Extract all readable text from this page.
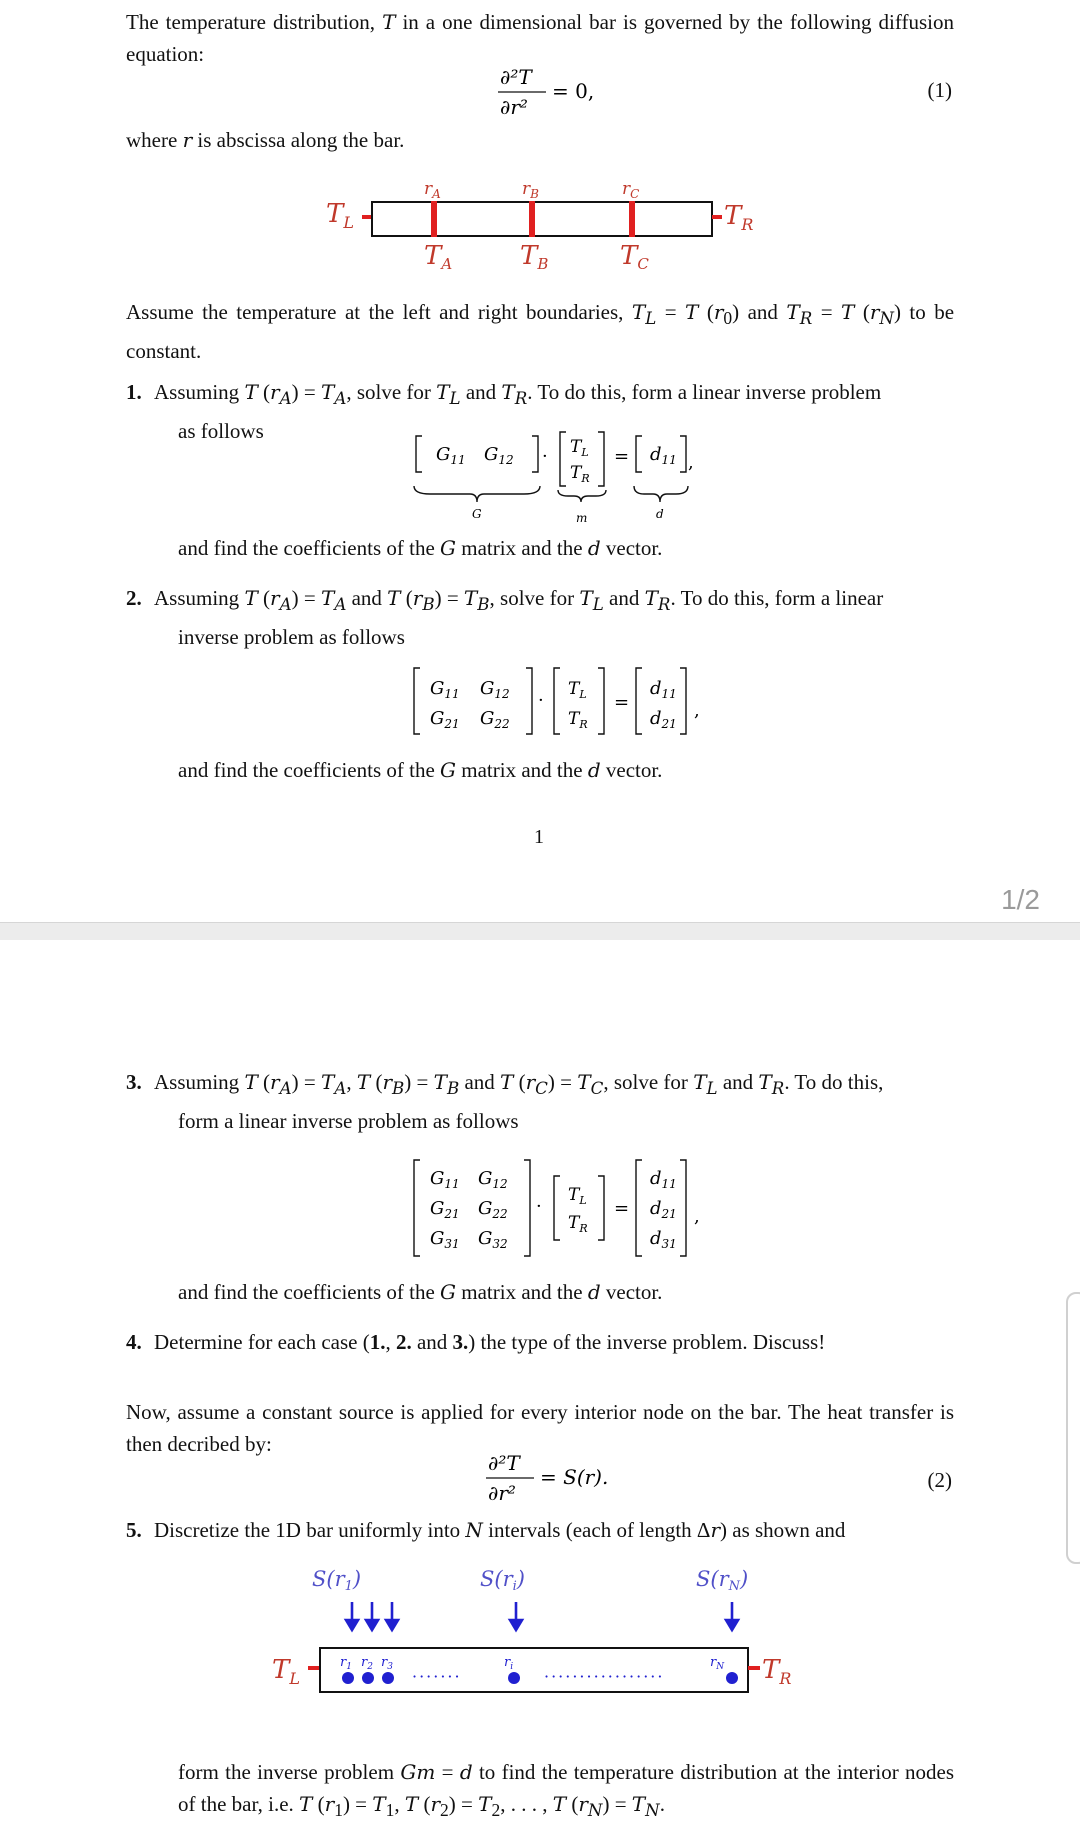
The temperature distribution, T in a one dimensional bar is governed by the following diffusion equation:
∂²T
∂r²
= 0,	(1)
where r is abscissa along the bar.
$T_L$	$T_R$
$r_A$	$r_B$	$r_C$
TA	TB	TC
Assume the temperature at the left and right boundaries, $T_L = T$ $(r_0)$ and $T_R = T$ $(r_N)$ to be constant.
1. Assuming T $(r_A) = T_A$, solve for $T_L$ and $T_R$. To do this, form a linear inverse problem
as follows
$G_{11}$ $G_{12} \cdot T_L$
$T_R$
= $d_{11}$ ,
G	m	d
and find the coefficients of the G matrix and the d vector.
2. Assuming T $(r_A) = T_A$ and T $(r_B) = T_B$, solve for $T_L$ and $T_R$. To do this, form a linear
inverse problem as follows
$G_{11}$ $G_{12}$
$G_{21}$ $G_{22}$
·
$T_L$
$T_R$
=
$d_{11}$
$d_{21}$
,
and find the coefficients of the G matrix and the d vector.
1
1/2
3. Assuming T $(r_A) = T_A$, T $(r_B) = T_B$ and T $(r_C) = T_C$, solve for $T_L$ and $T_R$. To do this,
form a linear inverse problem as follows
$G_{11}$ $G_{12}$
$G_{21}$ $G_{22}$
$G_{31}$ $G_{32}$
·
$T_L$
$T_R$
=
$d_{11}$
$d_{21}$
$d_{31}$
,
and find the coefficients of the G matrix and the d vector.
4. Determine for each case (1., 2. and 3.) the type of the inverse problem. Discuss!
Now, assume a constant source is applied for every interior node on the bar. The heat transfer is then decribed by:
∂²T
∂r²
= S(r).	(2)
5. Discretize the 1D bar uniformly into N intervals (each of length Δr) as shown and
S(r1)	S(ri)	S(rN)
$T_L$	$T_R$
$r_1$ $r_2$ $r_3$	$r_i$	$r_N$
·······	·················
form the inverse problem Gm = d to find the temperature distribution at the interior nodes of the bar, i.e. T $(r_1) = T_1$, T $(r_2) = T_2$, . . . , T $(r_N) = T_N$.
